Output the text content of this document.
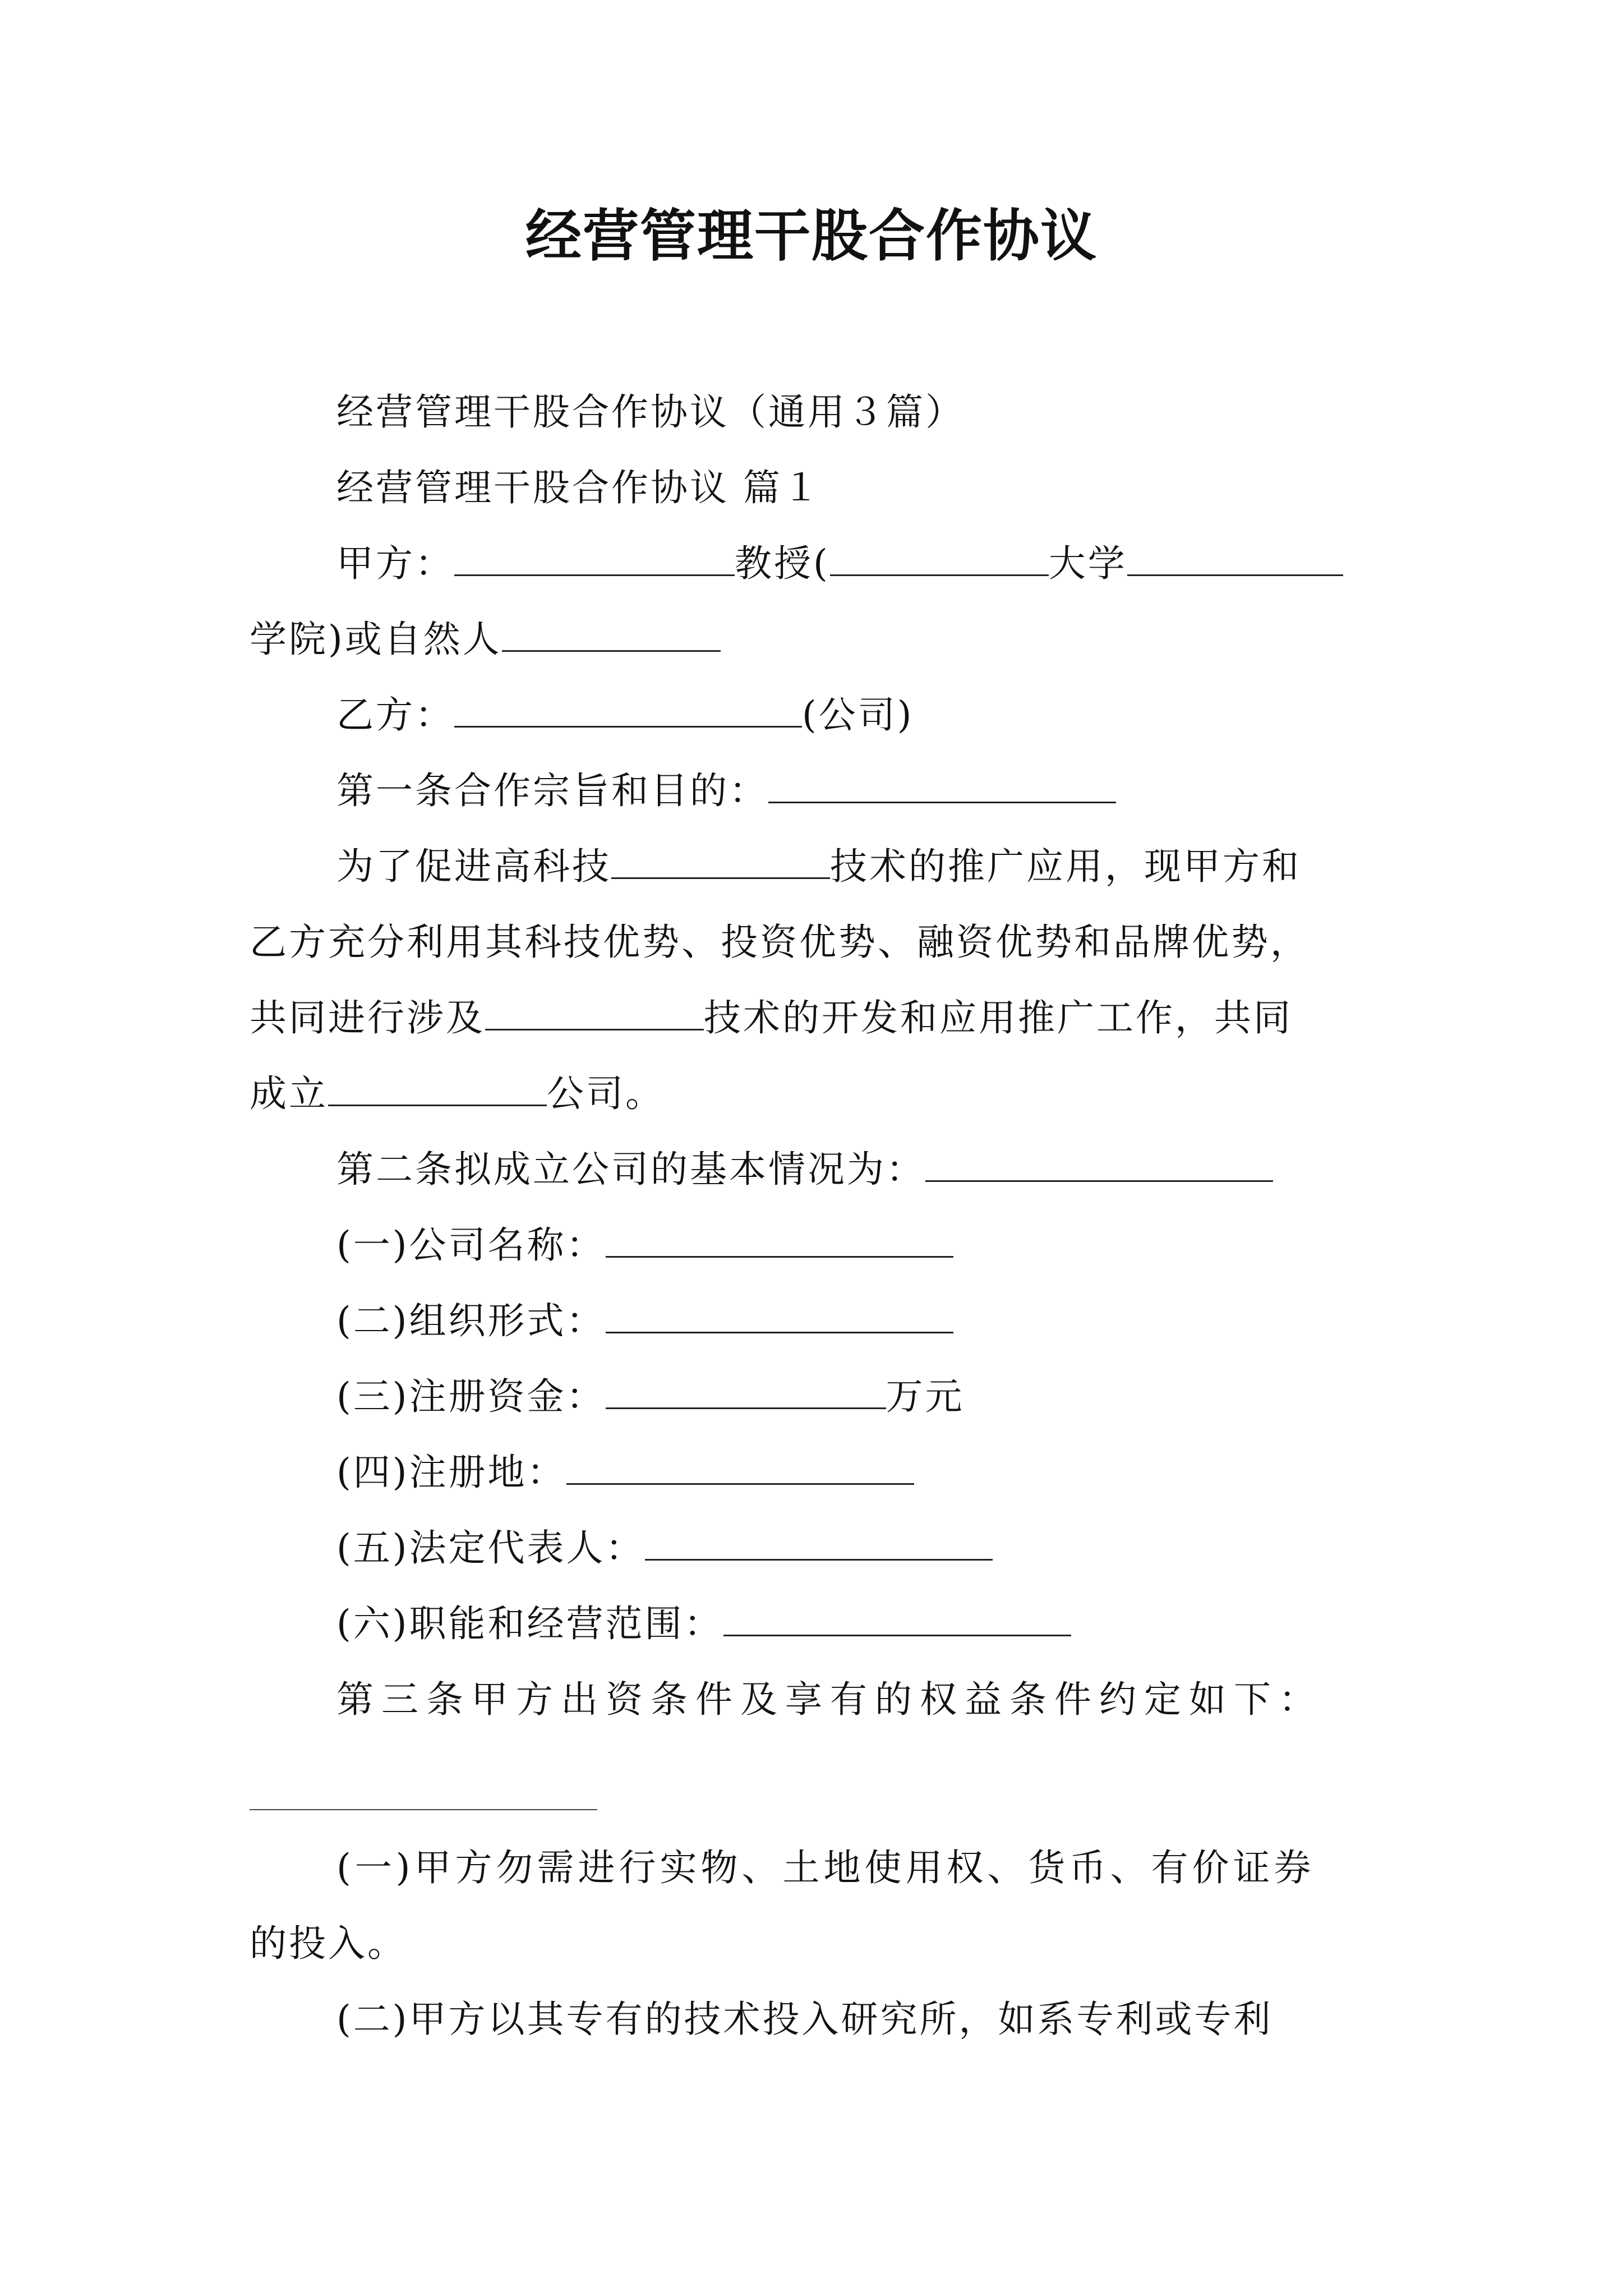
经营管理干股合作协议
经营管理干股合作协议（通用３篇）
经营管理干股合作协议 篇１
甲方：	教授(	大学
学院)或自然人
乙方：	(公司)
第一条合作宗旨和目的：
为了促进高科技	技术的推广应用，现甲方和
乙方充分利用其科技优势、投资优势、融资优势和品牌优势，
共同进行涉及	技术的开发和应用推广工作，共同
成立	公司。
第二条拟成立公司的基本情况为：
(一)公司名称：
(二)组织形式：
(三)注册资金：	万元
(四)注册地：
(五)法定代表人：
(六)职能和经营范围：
第三条甲方出资条件及享有的权益条件约定如下：
(一)甲方勿需进行实物、土地使用权、货币、有价证券
的投入。
(二)甲方以其专有的技术投入研究所，如系专利或专利
